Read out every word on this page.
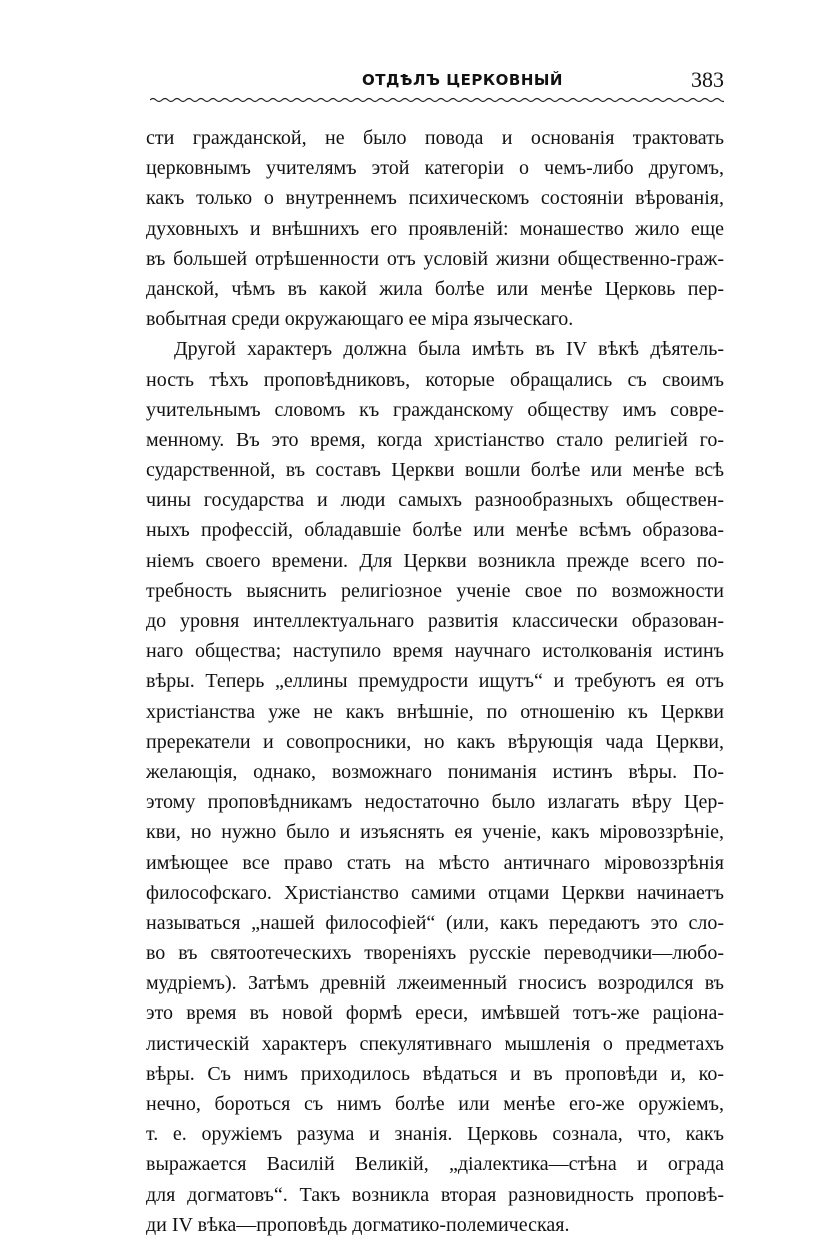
ОТДѢЛЪ ЦЕРКОВНЫЙ	383
сти гражданской, не было повода и основанія трактовать
церковнымъ учителямъ этой категоріи о чемъ-либо другомъ,
какъ только о внутреннемъ психическомъ состояніи вѣрованія,
духовныхъ и внѣшнихъ его проявленій: монашество жило еще
въ большей отрѣшенности отъ условій жизни общественно-граж-
данской, чѣмъ въ какой жила болѣе или менѣе Церковь пер-
вобытная среди окружающаго ее міра языческаго.
Другой характеръ должна была имѣть въ IV вѣкѣ дѣятель-
ность тѣхъ проповѣдниковъ, которые обращались съ своимъ
учительнымъ словомъ къ гражданскому обществу имъ совре-
менному. Въ это время, когда христіанство стало религіей го-
сударственной, въ составъ Церкви вошли болѣе или менѣе всѣ
чины государства и люди самыхъ разнообразныхъ обществен-
ныхъ профессій, обладавшіе болѣе или менѣе всѣмъ образова-
ніемъ своего времени. Для Церкви возникла прежде всего по-
требность выяснить религіозное ученіе свое по возможности
до уровня интеллектуальнаго развитія классически образован-
наго общества; наступило время научнаго истолкованія истинъ
вѣры. Теперь „еллины премудрости ищутъ“ и требуютъ ея отъ
христіанства уже не какъ внѣшніе, по отношенію къ Церкви
пререкатели и совопросники, но какъ вѣрующія чада Церкви,
желающія, однако, возможнаго пониманія истинъ вѣры. По-
этому проповѣдникамъ недостаточно было излагать вѣру Цер-
кви, но нужно было и изъяснять ея ученіе, какъ міровоззрѣніе,
имѣющее все право стать на мѣсто античнаго міровоззрѣнія
философскаго. Христіанство самими отцами Церкви начинаетъ
называться „нашей философіей“ (или, какъ передаютъ это сло-
во въ святоотеческихъ твореніяхъ русскіе переводчики—любо-
мудріемъ). Затѣмъ древній лжеименный гносисъ возродился въ
это время въ новой формѣ ереси, имѣвшей тотъ-же раціона-
листическій характеръ спекулятивнаго мышленія о предметахъ
вѣры. Съ нимъ приходилось вѣдаться и въ проповѣди и, ко-
нечно, бороться съ нимъ болѣе или менѣе его-же оружіемъ,
т. е. оружіемъ разума и знанія. Церковь сознала, что, какъ
выражается Василій Великій, „діалектика—стѣна и ограда
для догматовъ“. Такъ возникла вторая разновидность проповѣ-
ди IV вѣка—проповѣдь догматико-полемическая.
